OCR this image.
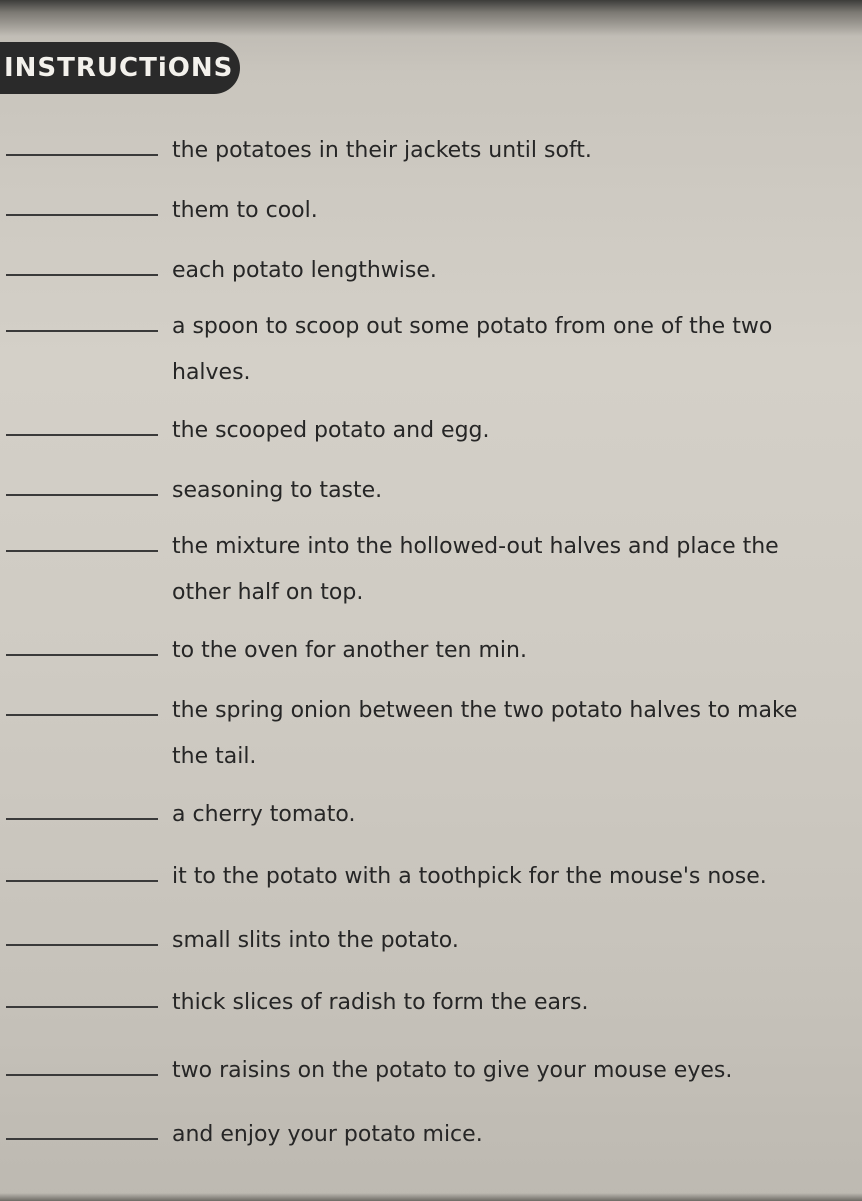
INSTRUCTiONS
the potatoes in their jackets until soft.
them to cool.
each potato lengthwise.
a spoon to scoop out some potato from one of the two halves.
the scooped potato and egg.
seasoning to taste.
the mixture into the hollowed-out halves and place the other half on top.
to the oven for another ten min.
the spring onion between the two potato halves to make the tail.
a cherry tomato.
it to the potato with a toothpick for the mouse's nose.
small slits into the potato.
thick slices of radish to form the ears.
two raisins on the potato to give your mouse eyes.
and enjoy your potato mice.
